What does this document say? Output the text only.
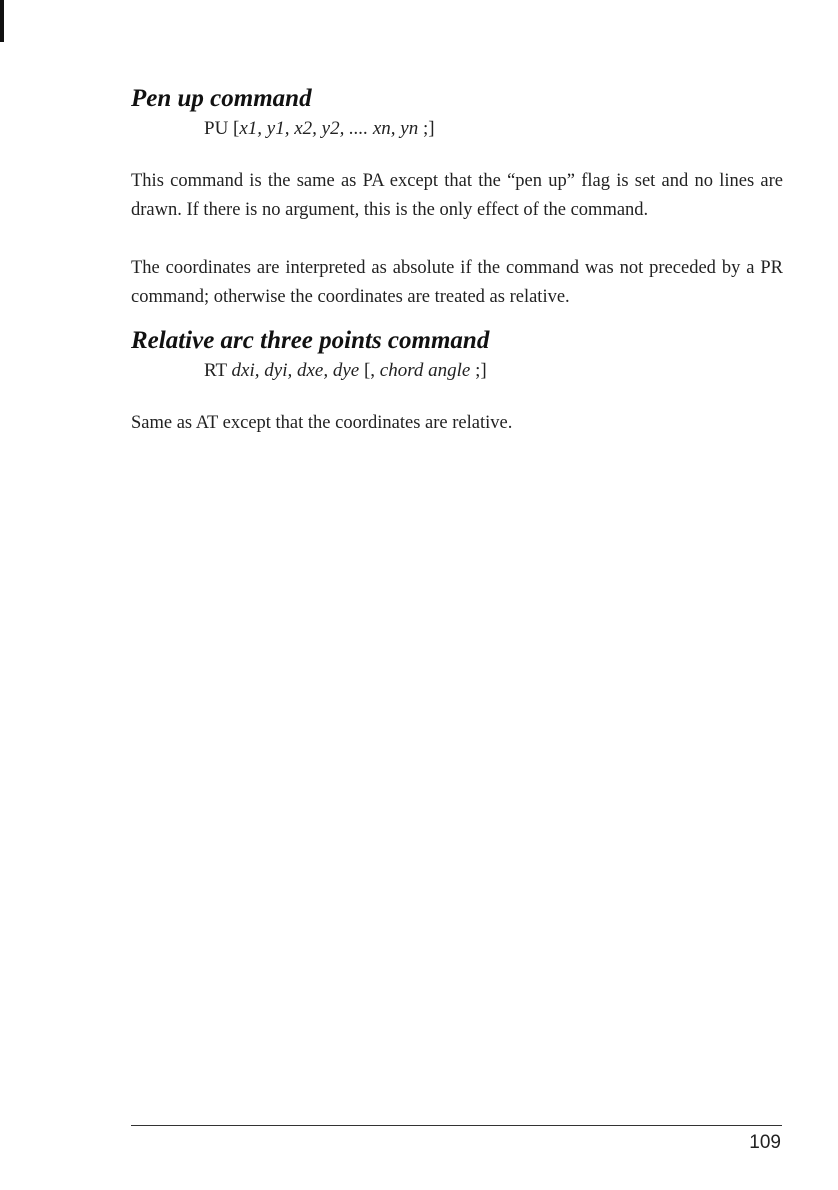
Pen up command
PU [x1, y1, x2, y2, .... xn, yn ;]

This command is the same as PA except that the “pen up” flag is set and no lines are drawn. If there is no argument, this is the only effect of the command.

The coordinates are interpreted as absolute if the command was not preceded by a PR command; otherwise the coordinates are treated as relative.

Relative arc three points command
RT dxi, dyi, dxe, dye [, chord angle ;]

Same as AT except that the coordinates are relative.

109
